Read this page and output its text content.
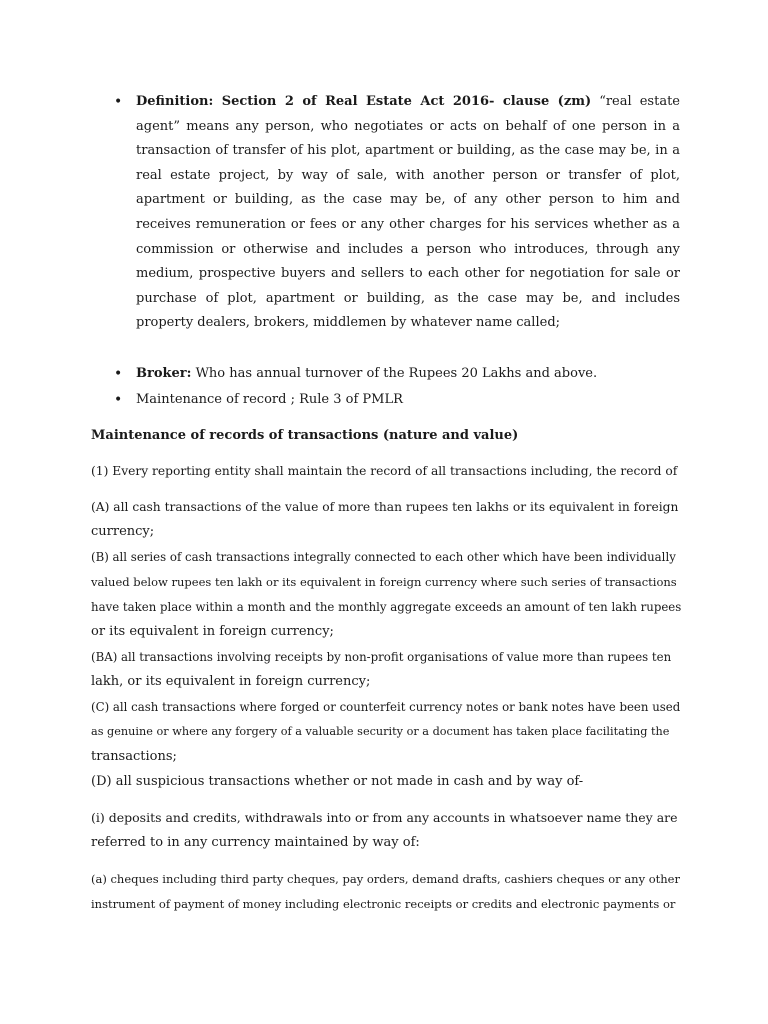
• Definition: Section 2 of Real Estate Act 2016- clause (zm) “real estate agent” means any person, who negotiates or acts on behalf of one person in a transaction of transfer of his plot, apartment or building, as the case may be, in a real estate project, by way of sale, with another person or transfer of plot, apartment or building, as the case may be, of any other person to him and receives remuneration or fees or any other charges for his services whether as a commission or otherwise and includes a person who introduces, through any medium, prospective buyers and sellers to each other for negotiation for sale or purchase of plot, apartment or building, as the case may be, and includes property dealers, brokers, middlemen by whatever name called;
• Broker: Who has annual turnover of the Rupees 20 Lakhs and above.
• Maintenance of record ; Rule 3 of PMLR
Maintenance of records of transactions (nature and value)
(1) Every reporting entity shall maintain the record of all transactions including, the record of
(A) all cash transactions of the value of more than rupees ten lakhs or its equivalent in foreign
currency;
(B) all series of cash transactions integrally connected to each other which have been individually
valued below rupees ten lakh or its equivalent in foreign currency where such series of transactions
have taken place within a month and the monthly aggregate exceeds an amount of ten lakh rupees
or its equivalent in foreign currency;
(BA) all transactions involving receipts by non-profit organisations of value more than rupees ten
lakh, or its equivalent in foreign currency;
(C) all cash transactions where forged or counterfeit currency notes or bank notes have been used
as genuine or where any forgery of a valuable security or a document has taken place facilitating the
transactions;
(D) all suspicious transactions whether or not made in cash and by way of-
(i) deposits and credits, withdrawals into or from any accounts in whatsoever name they are
referred to in any currency maintained by way of:
(a) cheques including third party cheques, pay orders, demand drafts, cashiers cheques or any other
instrument of payment of money including electronic receipts or credits and electronic payments or
